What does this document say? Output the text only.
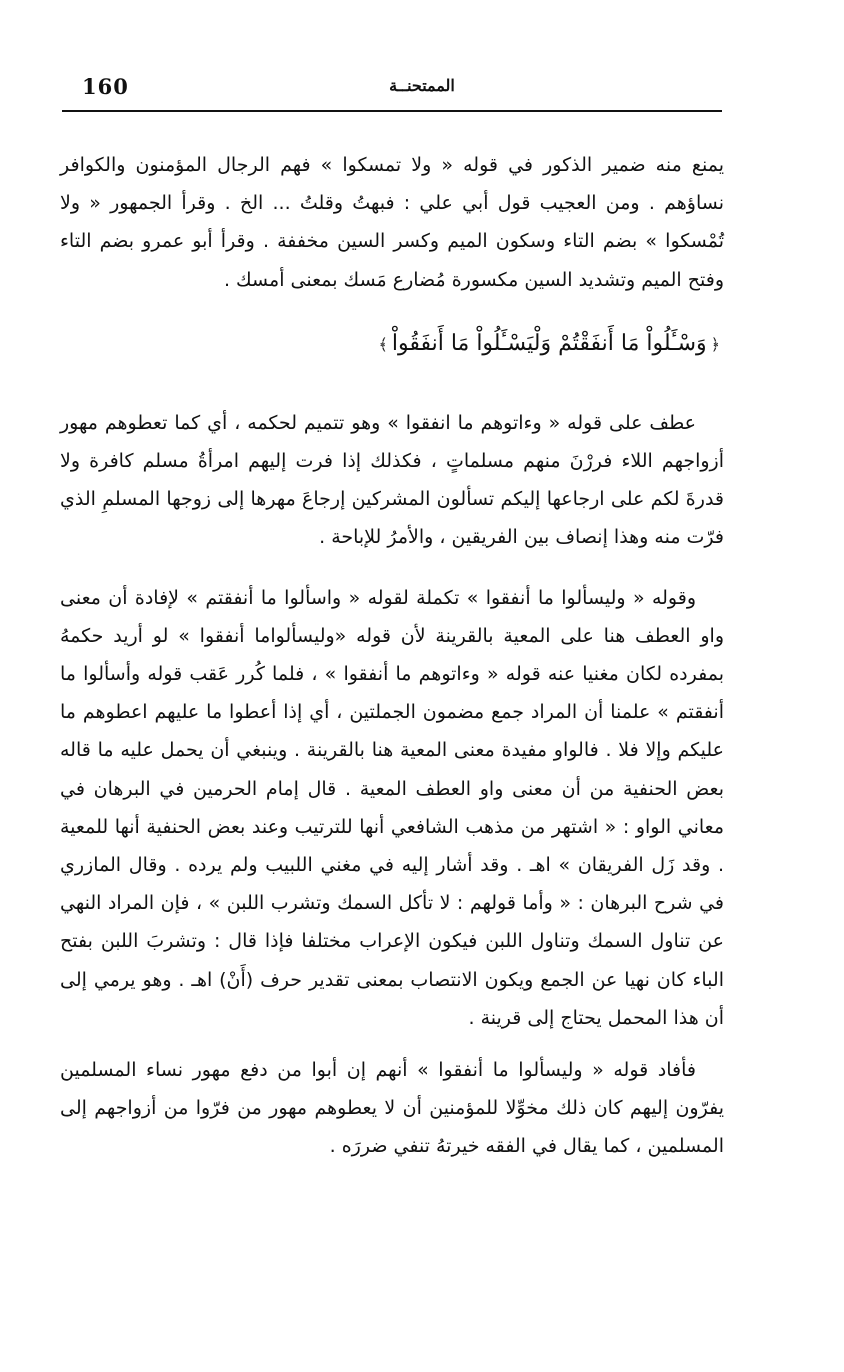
160	الممتحنــة

يمنع منه ضمير الذكور في قوله « ولا تمسكوا » فهم الرجال المؤمنون والكوافر نساؤهم . ومن العجيب قول أبي علي : فبهتُ وقلتُ ... الخ . وقرأ الجمهور « ولا تُمْسكوا » بضم التاء وسكون الميم وكسر السين مخففة . وقرأ أبو عمرو بضم التاء وفتح الميم وتشديد السين مكسورة مُضارع مَسك بمعنى أمسك .

﴿وَسْـَٔلُواْ مَا أَنفَقْتُمْ وَلْيَسْـَٔلُواْ مَا أَنفَقُواْ﴾

عطف على قوله « وءاتوهم ما انفقوا » وهو تتميم لحكمه ، أي كما تعطوهم مهور أزواجهم اللاء فررْنَ منهم مسلماتٍ ، فكذلك إذا فرت إليهم امرأةُ مسلم كافرة ولا قدرةَ لكم على ارجاعها إليكم تسألون المشركين إرجاعَ مهرها إلى زوجها المسلمِ الذي فرّت منه وهذا إنصاف بين الفريقين ، والأمرُ للإباحة .

وقوله « وليسألوا ما أنفقوا » تكملة لقوله « واسألوا ما أنفقتم » لإفادة أن معنى واو العطف هنا على المعية بالقرينة لأن قوله «وليسألواما أنفقوا » لو أريد حكمهُ بمفرده لكان مغنيا عنه قوله « وءاتوهم ما أنفقوا » ، فلما كُرر عَقب قوله وأسألوا ما أنفقتم » علمنا أن المراد جمع مضمون الجملتين ، أي إذا أعطوا ما عليهم اعطوهم ما عليكم وإلا فلا . فالواو مفيدة معنى المعية هنا بالقرينة . وينبغي أن يحمل عليه ما قاله بعض الحنفية من أن معنى واو العطف المعية . قال إمام الحرمين في البرهان في معاني الواو : « اشتهر من مذهب الشافعي أنها للترتيب وعند بعض الحنفية أنها للمعية . وقد زَل الفريقان » اهـ . وقد أشار إليه في مغني اللبيب ولم يرده . وقال المازري في شرح البرهان : « وأما قولهم : لا تأكل السمك وتشرب اللبن » ، فإن المراد النهي عن تناول السمك وتناول اللبن فيكون الإعراب مختلفا فإذا قال : وتشربَ اللبن بفتح الباء كان نهيا عن الجمع ويكون الانتصاب بمعنى تقدير حرف (أَنْ) اهـ . وهو يرمي إلى أن هذا المحمل يحتاج إلى قرينة .

فأفاد قوله « وليسألوا ما أنفقوا » أنهم إن أبوا من دفع مهور نساء المسلمين يفرّون إليهم كان ذلك مخوِّلا للمؤمنين أن لا يعطوهم مهور من فرّوا من أزواجهم إلى المسلمين ، كما يقال في الفقه خيرتهُ تنفي ضررَه .
